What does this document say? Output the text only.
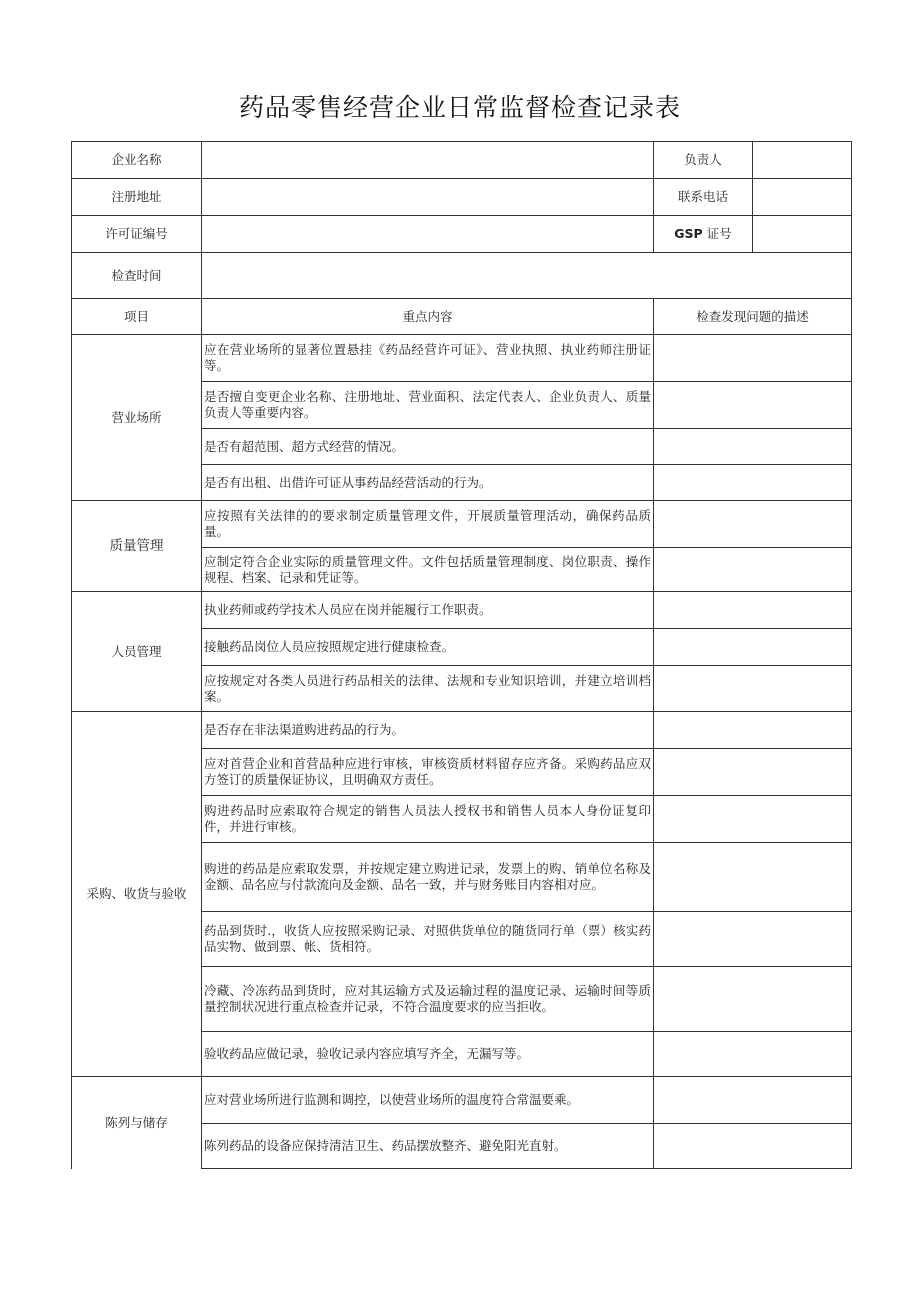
药品零售经营企业日常监督检查记录表
企业名称		负责人	
注册地址		联系电话	
许可证编号		GSP 证号	
检查时间			
项目	重点内容	检查发现问题的描述	
营业场所	应在营业场所的显著位置悬挂《药品经营许可证》、营业执照、执业药师注册证等。		
	是否擅自变更企业名称、注册地址、营业面积、法定代表人、企业负责人、质量负责人等重要内容。		
	是否有超范围、超方式经营的情况。		
	是否有出租、出借许可证从事药品经营活动的行为。		
质量管理	应按照有关法律的的要求制定质量管理文件，开展质量管理活动，确保药品质量。		
	应制定符合企业实际的质量管理文件。文件包括质量管理制度、岗位职责、操作规程、档案、记录和凭证等。		
人员管理	执业药师或药学技术人员应在岗并能履行工作职责。		
	接触药品岗位人员应按照规定进行健康检查。		
	应按规定对各类人员进行药品相关的法律、法规和专业知识培训，并建立培训档案。		
采购、收货与验收	是否存在非法渠道购进药品的行为。		
	应对首营企业和首营品种应进行审核，审核资质材料留存应齐备。采购药品应双方签订的质量保证协议，且明确双方责任。		
	购进药品时应索取符合规定的销售人员法人授权书和销售人员本人身份证复印件，并进行审核。		
	购进的药品是应索取发票，并按规定建立购进记录，发票上的购、销单位名称及金额、品名应与付款流向及金额、品名一致，并与财务账目内容相对应。		
	药品到货时.，收货人应按照采购记录、对照供货单位的随货同行单（票）核实药品实物、做到票、帐、货相符。		
	冷藏、冷冻药品到货时，应对其运输方式及运输过程的温度记录、运输时间等质量控制状况进行重点检查并记录，不符合温度要求的应当拒收。		
	验收药品应做记录，验收记录内容应填写齐全，无漏写等。		
陈列与储存	应对营业场所进行监测和调控，以使营业场所的温度符合常温要乘。		
	陈列药品的设备应保持清洁卫生、药品摆放整齐、避免阳光直射。		
